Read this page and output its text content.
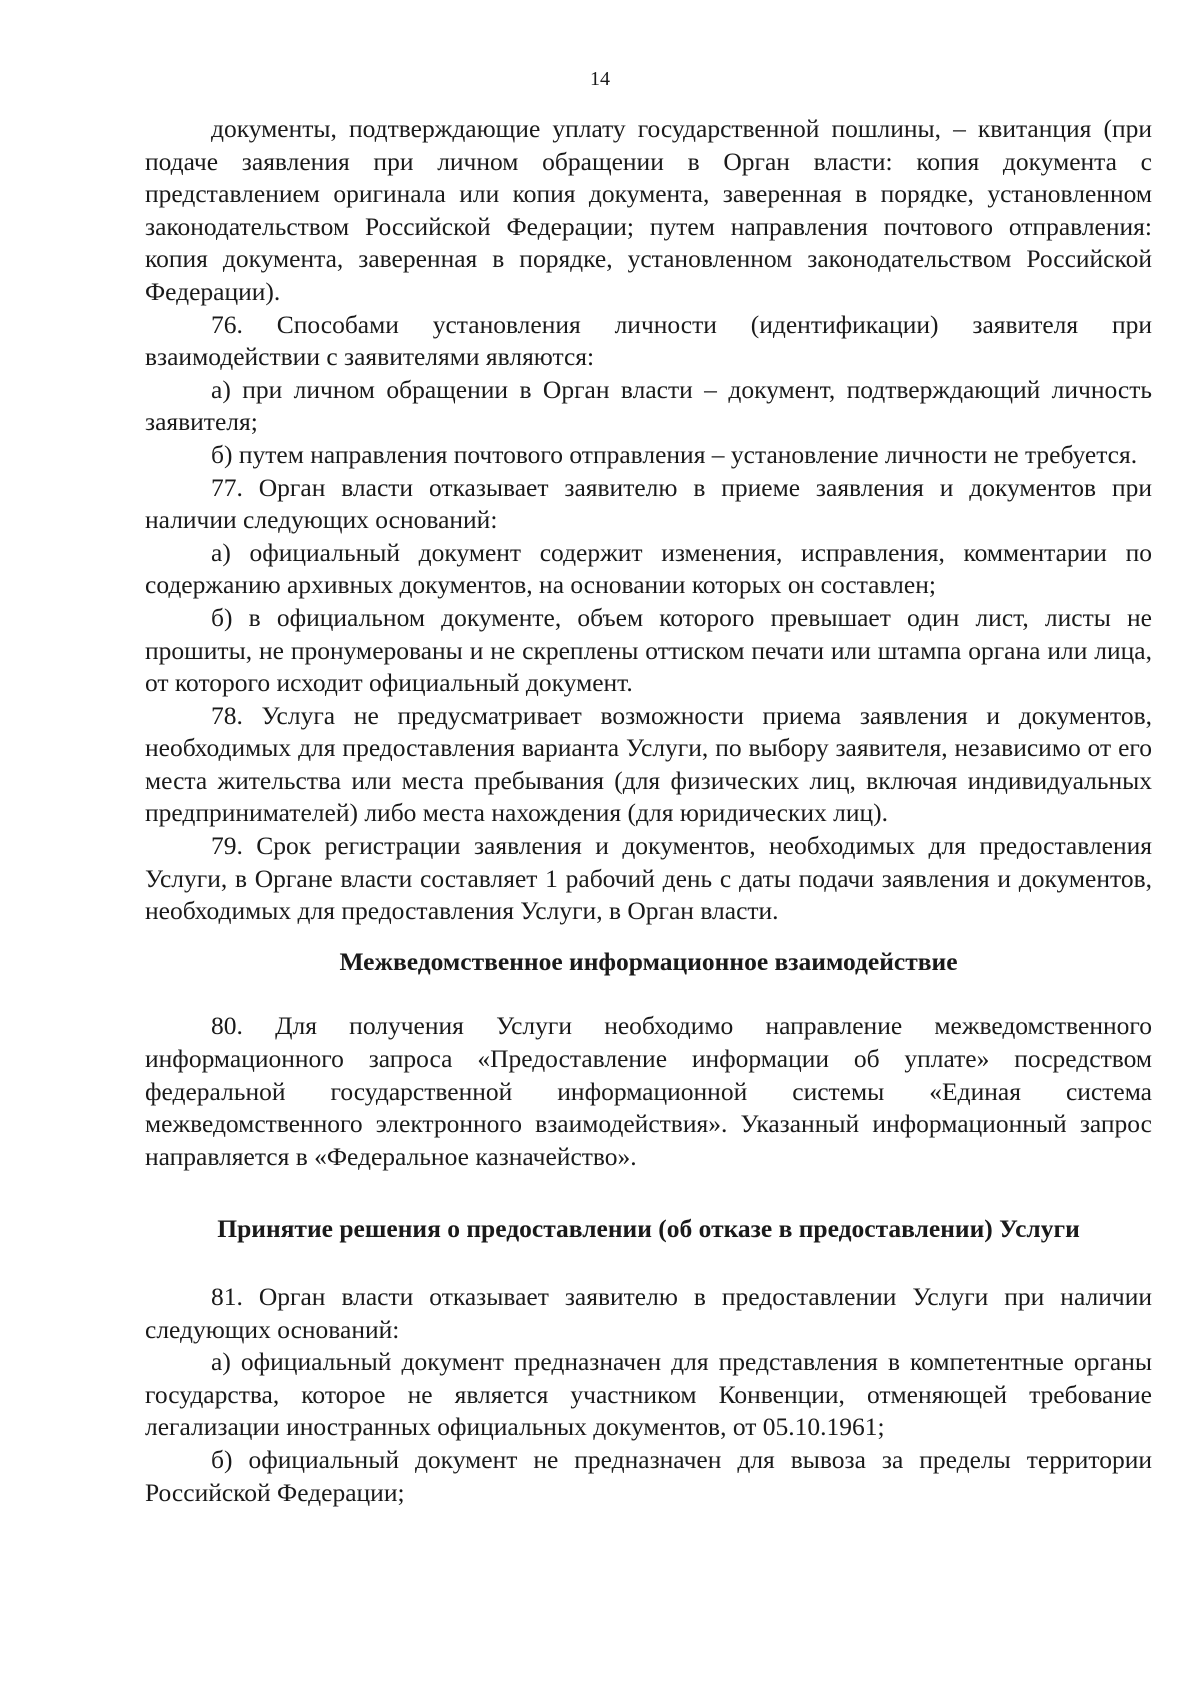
14

документы, подтверждающие уплату государственной пошлины, – квитанция (при подаче заявления при личном обращении в Орган власти: копия документа с представлением оригинала или копия документа, заверенная в порядке, установленном законодательством Российской Федерации; путем направления почтового отправления: копия документа, заверенная в порядке, установленном законодательством Российской Федерации).

76. Способами установления личности (идентификации) заявителя при взаимодействии с заявителями являются:

а) при личном обращении в Орган власти – документ, подтверждающий личность заявителя;

б) путем направления почтового отправления – установление личности не требуется.

77. Орган власти отказывает заявителю в приеме заявления и документов при наличии следующих оснований:

а) официальный документ содержит изменения, исправления, комментарии по содержанию архивных документов, на основании которых он составлен;

б) в официальном документе, объем которого превышает один лист, листы не прошиты, не пронумерованы и не скреплены оттиском печати или штампа органа или лица, от которого исходит официальный документ.

78. Услуга не предусматривает возможности приема заявления и документов, необходимых для предоставления варианта Услуги, по выбору заявителя, независимо от его места жительства или места пребывания (для физических лиц, включая индивидуальных предпринимателей) либо места нахождения (для юридических лиц).

79. Срок регистрации заявления и документов, необходимых для предоставления Услуги, в Органе власти составляет 1 рабочий день с даты подачи заявления и документов, необходимых для предоставления Услуги, в Орган власти.

Межведомственное информационное взаимодействие

80. Для получения Услуги необходимо направление межведомственного информационного запроса «Предоставление информации об уплате» посредством федеральной государственной информационной системы «Единая система межведомственного электронного взаимодействия». Указанный информационный запрос направляется в «Федеральное казначейство».

Принятие решения о предоставлении (об отказе в предоставлении) Услуги

81. Орган власти отказывает заявителю в предоставлении Услуги при наличии следующих оснований:

а) официальный документ предназначен для представления в компетентные органы государства, которое не является участником Конвенции, отменяющей требование легализации иностранных официальных документов, от 05.10.1961;

б) официальный документ не предназначен для вывоза за пределы территории Российской Федерации;
